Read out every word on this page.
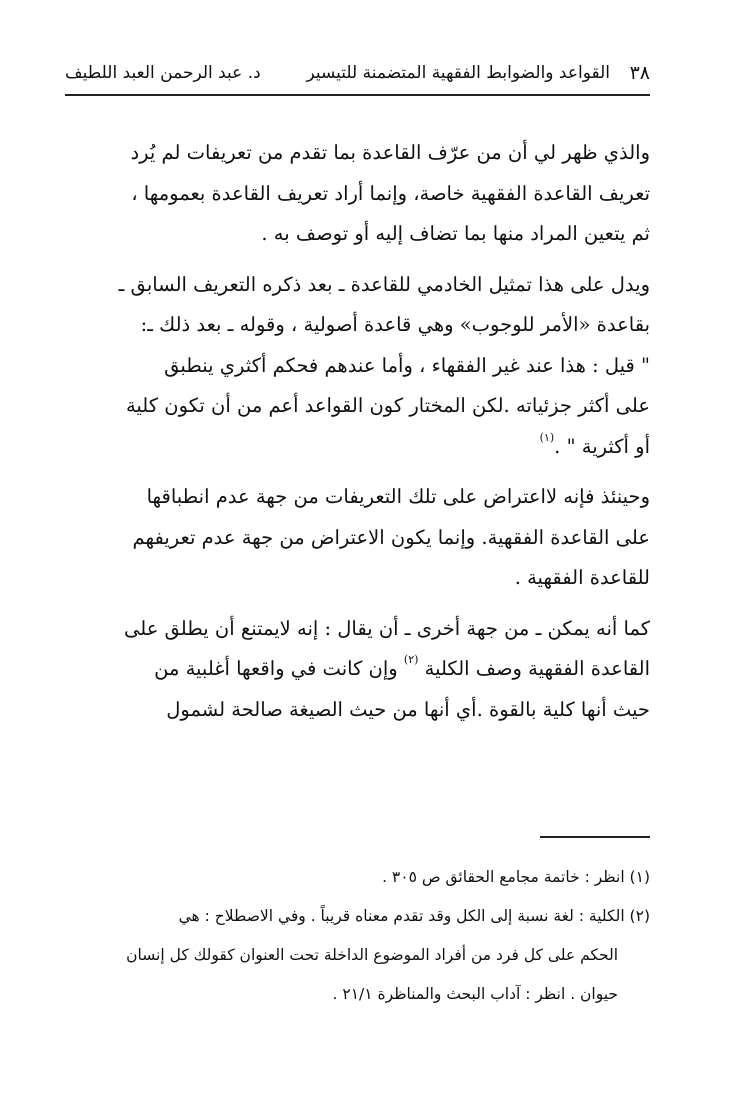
٣٨
القواعد والضوابط الفقهية المتضمنة للتيسير
د. عبد الرحمن العبد اللطيف

والذي ظهر لي أن من عرّف القاعدة بما تقدم من تعريفات لم يُرد
تعريف القاعدة الفقهية خاصة، وإنما أراد تعريف القاعدة بعمومها ،
ثم يتعين المراد منها بما تضاف إليه أو توصف به .

ويدل على هذا تمثيل الخادمي للقاعدة ـ بعد ذكره التعريف السابق ـ
بقاعدة «الأمر للوجوب» وهي قاعدة أصولية ، وقوله ـ بعد ذلك ـ:
" قيل : هذا عند غير الفقهاء ، وأما عندهم فحكم أكثري ينطبق
على أكثر جزئياته .لكن المختار كون القواعد أعم من أن تكون كلية
أو أكثرية " .$^{(١)}$

وحينئذ فإنه لااعتراض على تلك التعريفات من جهة عدم انطباقها
على القاعدة الفقهية. وإنما يكون الاعتراض من جهة عدم تعريفهم
للقاعدة الفقهية .

كما أنه يمكن ـ من جهة أخرى ـ أن يقال : إنه لايمتنع أن يطلق على
القاعدة الفقهية وصف الكلية $^{(٢)}$ وإن كانت في واقعها أغلبية من
حيث أنها كلية بالقوة .أي أنها من حيث الصيغة صالحة لشمول

(١) انظر : خاتمة مجامع الحقائق ص ٣٠٥ .
(٢) الكلية : لغة نسبة إلى الكل وقد تقدم معناه قريباً . وفي الاصطلاح : هي
الحكم على كل فرد من أفراد الموضوع الداخلة تحت العنوان كقولك كل إنسان
حيوان . انظر : آداب البحث والمناظرة ٢١/١ .
